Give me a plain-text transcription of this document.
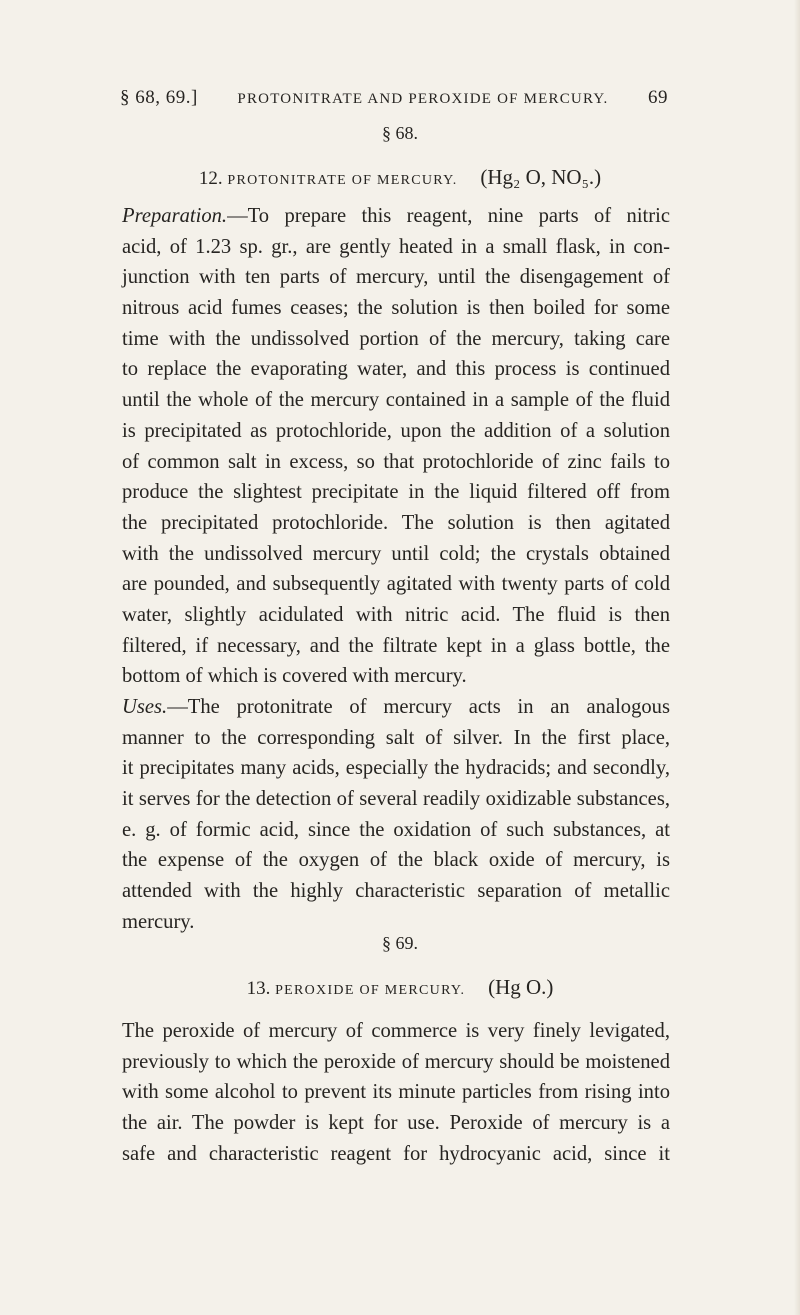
§ 68, 69.]	PROTONITRATE AND PEROXIDE OF MERCURY. 69
§ 68.
12. PROTONITRATE OF MERCURY. (Hg₂ O, NO₅.)
Preparation.—To prepare this reagent, nine parts of nitric
acid, of 1.23 sp. gr., are gently heated in a small flask, in con-
junction with ten parts of mercury, until the disengagement of
nitrous acid fumes ceases; the solution is then boiled for some
time with the undissolved portion of the mercury, taking care
to replace the evaporating water, and this process is continued
until the whole of the mercury contained in a sample of the fluid
is precipitated as protochloride, upon the addition of a solution
of common salt in excess, so that protochloride of zinc fails to
produce the slightest precipitate in the liquid filtered off from
the precipitated protochloride. The solution is then agitated
with the undissolved mercury until cold; the crystals obtained
are pounded, and subsequently agitated with twenty parts of cold
water, slightly acidulated with nitric acid. The fluid is then
filtered, if necessary, and the filtrate kept in a glass bottle, the
bottom of which is covered with mercury.
Uses.—The protonitrate of mercury acts in an analogous
manner to the corresponding salt of silver. In the first place,
it precipitates many acids, especially the hydracids; and secondly,
it serves for the detection of several readily oxidizable substances,
e. g. of formic acid, since the oxidation of such substances, at
the expense of the oxygen of the black oxide of mercury, is
attended with the highly characteristic separation of metallic
mercury.
§ 69.
13. PEROXIDE OF MERCURY. (Hg O.)
The peroxide of mercury of commerce is very finely levigated,
previously to which the peroxide of mercury should be moistened
with some alcohol to prevent its minute particles from rising into
the air. The powder is kept for use. Peroxide of mercury is a
safe and characteristic reagent for hydrocyanic acid, since it
